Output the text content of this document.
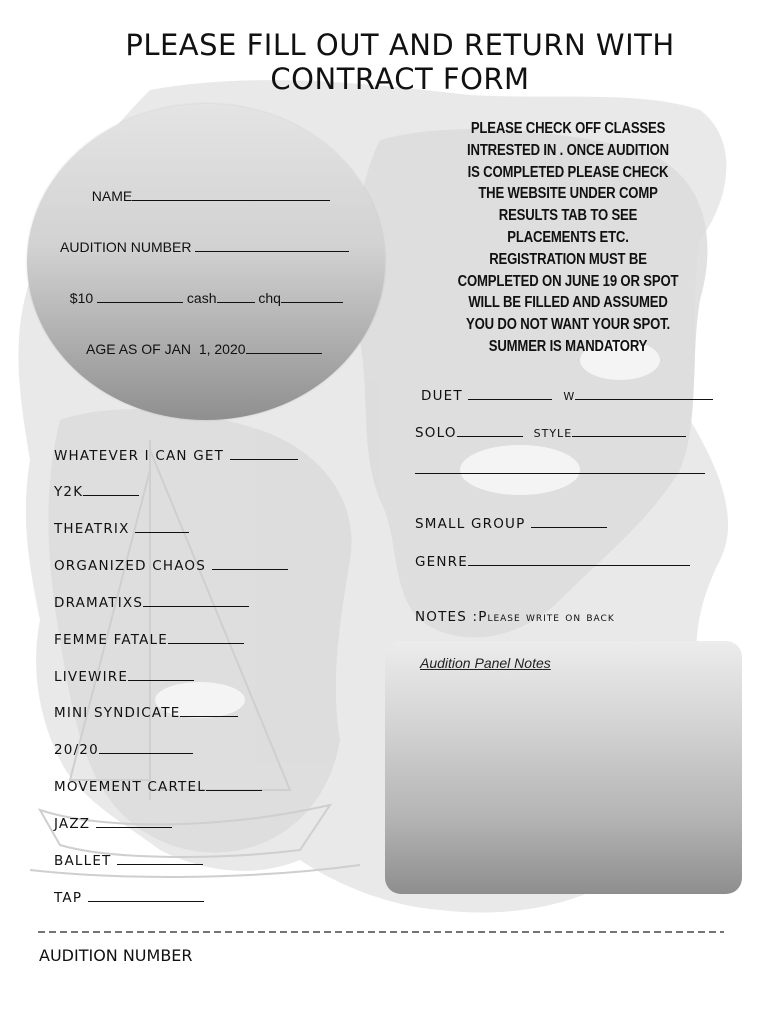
PLEASE FILL OUT AND RETURN WITH
CONTRACT FORM

NAME

AUDITION NUMBER

$10	cash	chq

AGE AS OF JAN  1, 2020

PLEASE CHECK OFF CLASSES
INTRESTED IN . ONCE AUDITION
IS COMPLETED PLEASE CHECK
THE WEBSITE UNDER COMP
RESULTS TAB TO SEE
PLACEMENTS ETC.
REGISTRATION MUST BE
COMPLETED ON JUNE 19 OR SPOT
WILL BE FILLED AND ASSUMED
YOU DO NOT WANT YOUR SPOT.
SUMMER IS MANDATORY

DUET	W

SOLO	STYLE

SMALL GROUP

GENRE

NOTES :Please write on back

Audition Panel Notes

WHATEVER I CAN GET

Y2K

THEATRIX

ORGANIZED CHAOS

DRAMATIXS

FEMME FATALE

LIVEWIRE

MINI SYNDICATE

20/20

MOVEMENT CARTEL

JAZZ

BALLET

TAP

AUDITION NUMBER
